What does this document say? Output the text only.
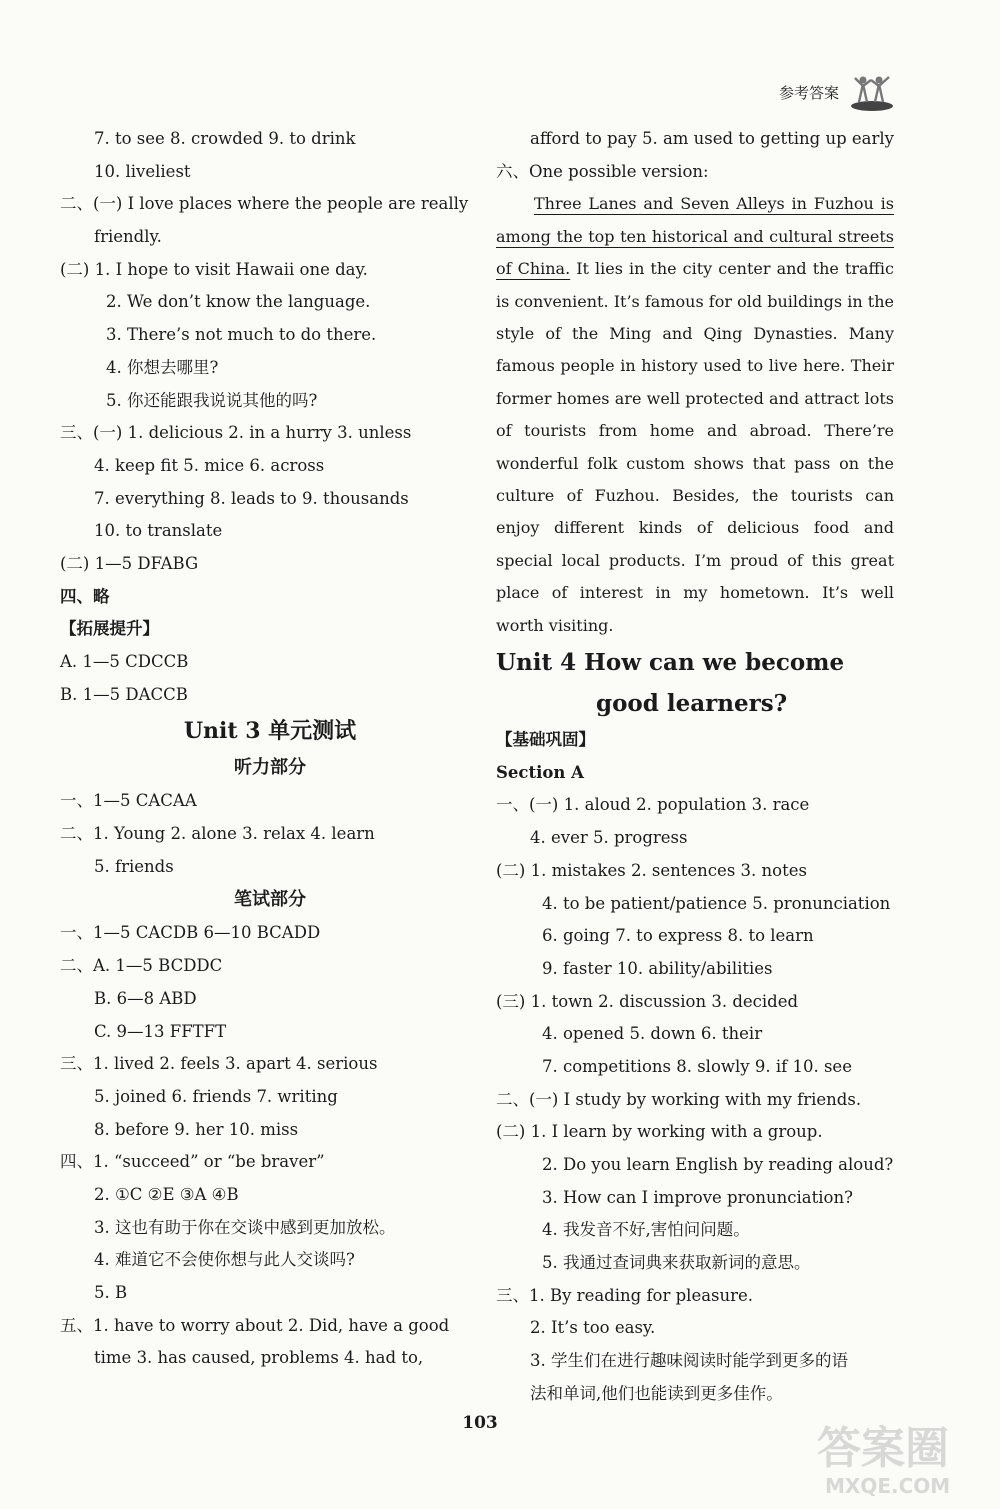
参考答案
7. to see 8. crowded 9. to drink
10. liveliest
二、(一) I love places where the people are really
friendly.
(二) 1. I hope to visit Hawaii one day.
2. We don’t know the language.
3. There’s not much to do there.
4. 你想去哪里?
5. 你还能跟我说说其他的吗?
三、(一) 1. delicious 2. in a hurry 3. unless
4. keep fit 5. mice 6. across
7. everything 8. leads to 9. thousands
10. to translate
(二) 1—5 DFABG
四、略
【拓展提升】
A. 1—5 CDCCB
B. 1—5 DACCB
Unit 3 单元测试
听力部分
一、1—5 CACAA
二、1. Young 2. alone 3. relax 4. learn
5. friends
笔试部分
一、1—5 CACDB 6—10 BCADD
二、A. 1—5 BCDDC
B. 6—8 ABD
C. 9—13 FFTFT
三、1. lived 2. feels 3. apart 4. serious
5. joined 6. friends 7. writing
8. before 9. her 10. miss
四、1. “succeed” or “be braver”
2. ①C ②E ③A ④B
3. 这也有助于你在交谈中感到更加放松。
4. 难道它不会使你想与此人交谈吗?
5. B
五、1. have to worry about 2. Did, have a good
time 3. has caused, problems 4. had to,
afford to pay 5. am used to getting up early
六、One possible version:
Three Lanes and Seven Alleys in Fuzhou is among the top ten historical and cultural streets of China. It lies in the city center and the traffic is convenient. It’s famous for old buildings in the style of the Ming and Qing Dynasties. Many famous people in history used to live here. Their former homes are well protected and attract lots of tourists from home and abroad. There’re wonderful folk custom shows that pass on the culture of Fuzhou. Besides, the tourists can enjoy different kinds of delicious food and special local products. I’m proud of this great place of interest in my hometown. It’s well worth visiting.
Unit 4 How can we become
good learners?
【基础巩固】
Section A
一、(一) 1. aloud 2. population 3. race
4. ever 5. progress
(二) 1. mistakes 2. sentences 3. notes
4. to be patient/patience 5. pronunciation
6. going 7. to express 8. to learn
9. faster 10. ability/abilities
(三) 1. town 2. discussion 3. decided
4. opened 5. down 6. their
7. competitions 8. slowly 9. if 10. see
二、(一) I study by working with my friends.
(二) 1. I learn by working with a group.
2. Do you learn English by reading aloud?
3. How can I improve pronunciation?
4. 我发音不好,害怕问问题。
5. 我通过查词典来获取新词的意思。
三、1. By reading for pleasure.
2. It’s too easy.
3. 学生们在进行趣味阅读时能学到更多的语
法和单词,他们也能读到更多佳作。
103	答案圈
MXQE.COM
